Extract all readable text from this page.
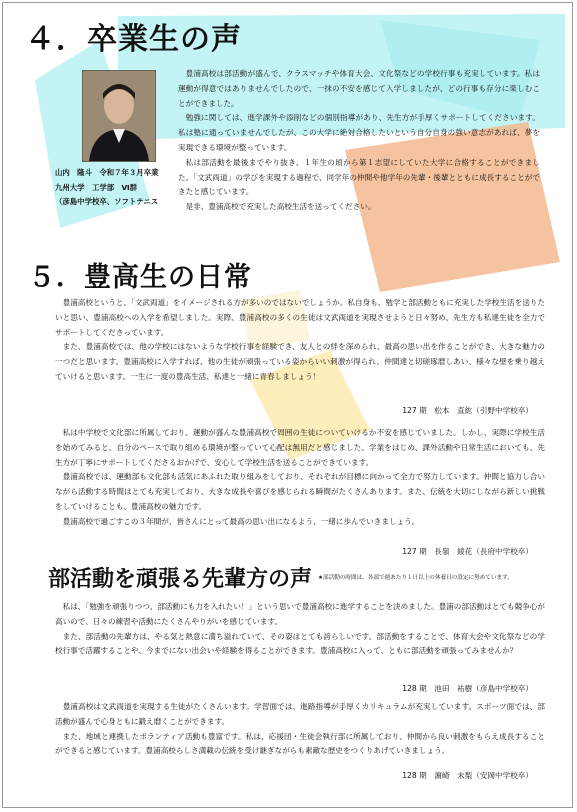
４．卒業生の声
山内　隆斗　令和７年３月卒業
九州大学　工学部　Ⅵ群
（彦島中学校卒、ソフトテニス

豊浦高校は部活動が盛んで、クラスマッチや体育大会、文化祭などの学校行事も充実しています。私は運動が得意ではありませんでしたので、一抹の不安を感じて入学しましたが、どの行事も存分に楽しむことができました。

勉強に関しては、進学課外や添削などの個別指導があり、先生方が手厚くサポートしてくださいます。私は塾に通っていませんでしたが、この大学に絶対合格したいという自分自身の強い意志があれば、夢を実現できる環境が整っています。

私は部活動を最後までやり抜き、１年生の頃から第１志望にしていた大学に合格することができました。「文武両道」の学びを実現する過程で、同学年の仲間や他学年の先輩・後輩とともに成長することができたと感じています。

是非、豊浦高校で充実した高校生活を送ってください。

５．豊高生の日常

豊浦高校というと、「文武両道」をイメージされる方が多いのではないでしょうか。私自身も、勉学と部活動ともに充実した学校生活を送りたいと思い、豊浦高校への入学を希望しました。実際、豊浦高校の多くの生徒は文武両道を実現させようと日々努め、先生方も私達生徒を全力でサポートしてくださっています。

また、豊浦高校では、他の学校にはないような学校行事を経験でき、友人との絆を深められ、最高の思い出を作ることができ、大きな魅力の一つだと思います。豊浦高校に入学すれば、他の生徒が頑張っている姿からいい刺激が得られ、仲間達と切磋琢磨しあい、様々な壁を乗り越えていけると思います。一生に一度の豊高生活、私達と一緒に青春しましょう！

127 期　松本　直紘（引野中学校卒）

私は中学校で文化部に所属しており、運動が盛んな豊浦高校で周囲の生徒についていけるか不安を感じていました。しかし、実際に学校生活を始めてみると、自分のペースで取り組める環境が整っていて心配は無用だと感じました。学業をはじめ、課外活動や日常生活においても、先生方が丁寧にサポートしてくださるおかげで、安心して学校生活を送ることができています。

豊浦高校では、運動部も文化部も活気にあふれた取り組みをしており、それぞれが目標に向かって全力で努力しています。仲間と協力し合いながら活動する時間はとても充実しており、大きな成長や喜びを感じられる瞬間がたくさんあります。また、伝統を大切にしながら新しい挑戦をしていけることも、豊浦高校の魅力です。

豊浦高校で過ごすこの３年間が、皆さんにとって最高の思い出になるよう、一緒に歩んでいきましょう。

127 期　長嶺　綾花（長府中学校卒）
部活動を頑張る先輩方の声 ★部活動の時間は、各部で週あたり１日以上の休養日の設定に努めています。

私は、「勉強を頑張りつつ、部活動にも力を入れたい！」という思いで豊浦高校に進学することを決めました。豊浦の部活動はとても競争心が高いので、日々の練習や活動にたくさんやりがいを感じています。

また、部活動の先輩方は、やる気と熱意に満ち溢れていて、その姿はとても誇らしいです。部活動をすることで、体育大会や文化祭などの学校行事で活躍することや、今までにない出会いや経験を得ることができます。豊浦高校に入って、ともに部活動を頑張ってみませんか？

128 期　池田　祐樹（彦島中学校卒）

豊浦高校は文武両道を実現する生徒がたくさんいます。学習面では、進路指導が手厚くカリキュラムが充実しています。スポーツ面では、部活動が盛んで心身ともに鍛え磨くことができます。

また、地域と連携したボランティア活動も豊富です。私は、応援団・生徒会執行部に所属しており、仲間から良い刺激をもらえ成長することができると感じています。豊浦高校らしさ満載の伝統を受け継ぎながらも素敵な歴史をつくりあげていきましょう。

128 期　濵崎　未梨（安岡中学校卒）
